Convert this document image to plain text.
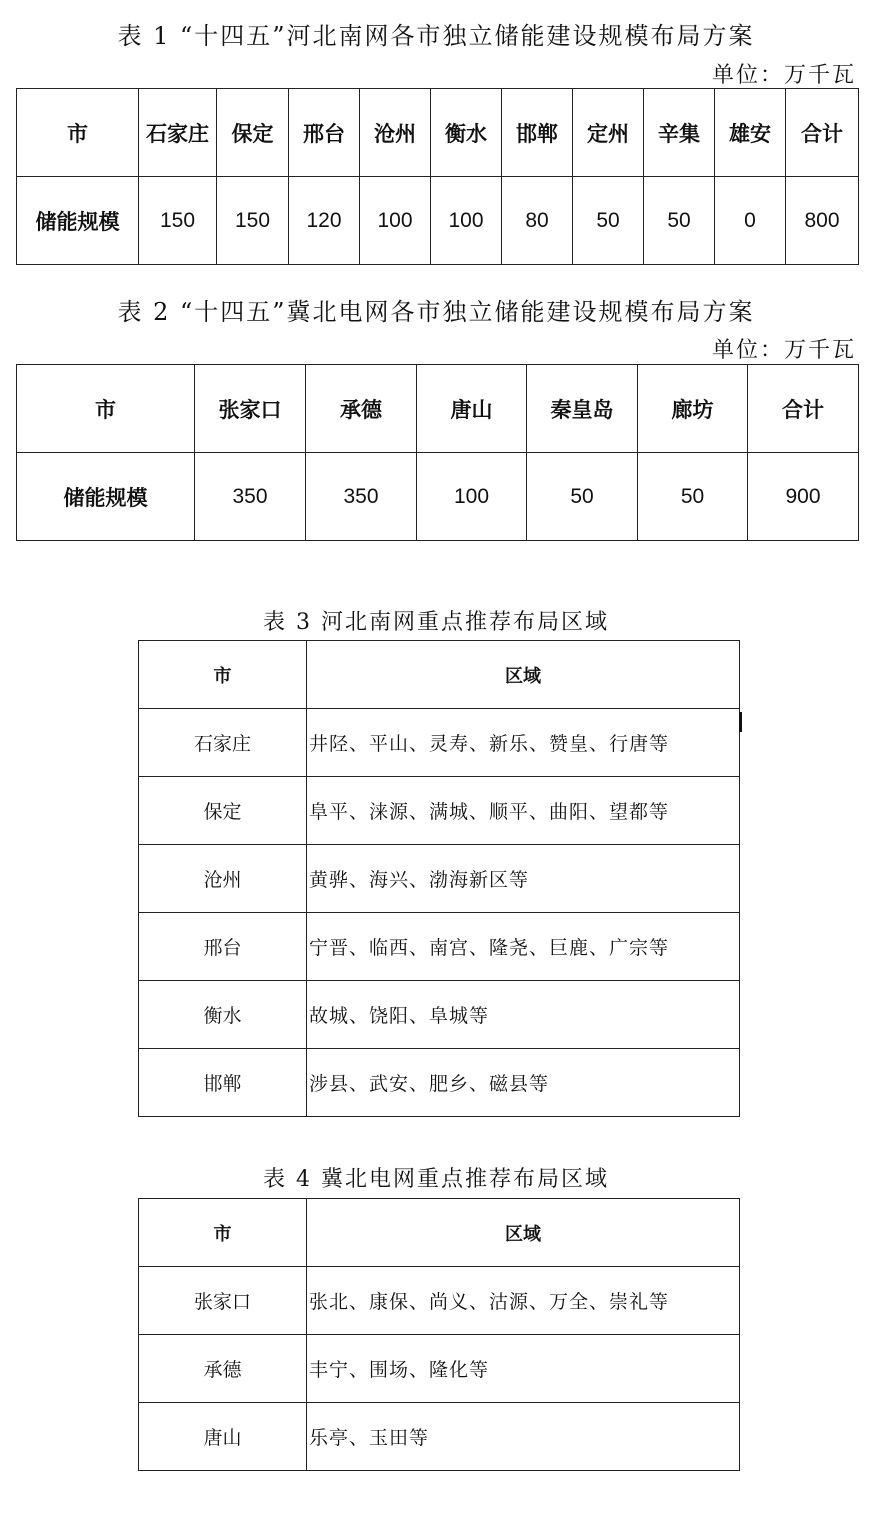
表 1 “十四五”河北南网各市独立储能建设规模布局方案
单位：万千瓦
市	石家庄	保定	邢台	沧州	衡水	邯郸	定州	辛集	雄安	合计
储能规模	150	150	120	100	100	80	50	50	0	800
表 2 “十四五”冀北电网各市独立储能建设规模布局方案
单位：万千瓦
市	张家口	承德	唐山	秦皇岛	廊坊	合计
储能规模	350	350	100	50	50	900
表 3 河北南网重点推荐布局区域
市	区域
石家庄	井陉、平山、灵寿、新乐、赞皇、行唐等
保定	阜平、涞源、满城、顺平、曲阳、望都等
沧州	黄骅、海兴、渤海新区等
邢台	宁晋、临西、南宫、隆尧、巨鹿、广宗等
衡水	故城、饶阳、阜城等
邯郸	涉县、武安、肥乡、磁县等
表 4 冀北电网重点推荐布局区域
市	区域
张家口	张北、康保、尚义、沽源、万全、崇礼等
承德	丰宁、围场、隆化等
唐山	乐亭、玉田等
